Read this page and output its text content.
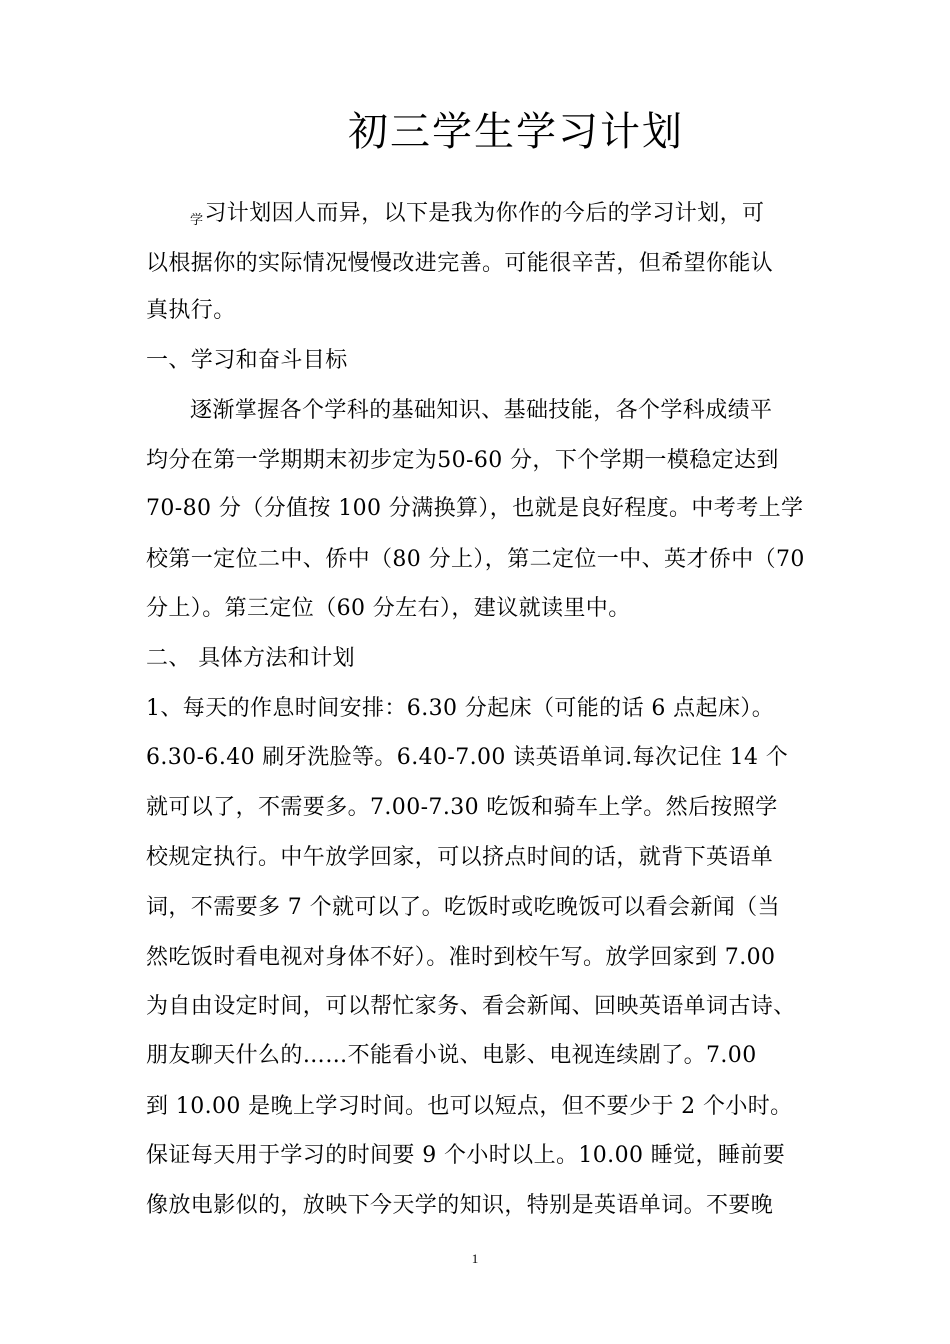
初三学生学习计划
学习计划因人而异，以下是我为你作的今后的学习计划，可
以根据你的实际情况慢慢改进完善。可能很辛苦，但希望你能认
真执行。
一、学习和奋斗目标
逐渐掌握各个学科的基础知识、基础技能，各个学科成绩平
均分在第一学期期末初步定为50-60 分，下个学期一模稳定达到
70-80 分（分值按 100 分满换算），也就是良好程度。中考考上学
校第一定位二中、侨中（80 分上），第二定位一中、英才侨中（70
分上）。第三定位（60 分左右），建议就读里中。
二、 具体方法和计划
1、每天的作息时间安排：6.30 分起床（可能的话 6 点起床）。
6.30-6.40 刷牙洗脸等。6.40-7.00 读英语单词.每次记住 14 个
就可以了，不需要多。7.00-7.30 吃饭和骑车上学。然后按照学
校规定执行。中午放学回家，可以挤点时间的话，就背下英语单
词，不需要多 7 个就可以了。吃饭时或吃晚饭可以看会新闻（当
然吃饭时看电视对身体不好）。准时到校午写。放学回家到 7.00
为自由设定时间，可以帮忙家务、看会新闻、回映英语单词古诗、
朋友聊天什么的……不能看小说、电影、电视连续剧了。7.00
到 10.00 是晚上学习时间。也可以短点，但不要少于 2 个小时。
保证每天用于学习的时间要 9 个小时以上。10.00 睡觉，睡前要
像放电影似的，放映下今天学的知识，特别是英语单词。不要晚
1
